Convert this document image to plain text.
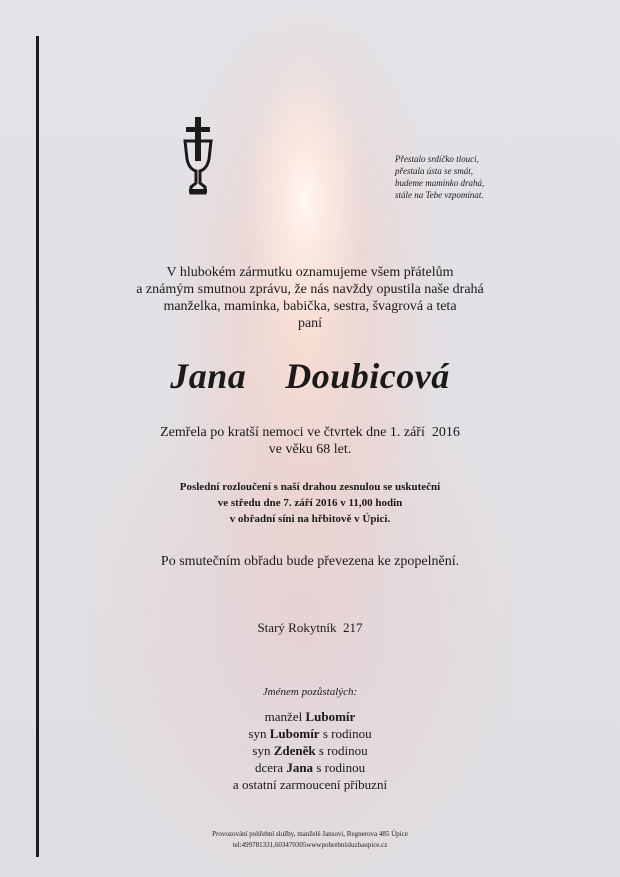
Přestalo srdíčko tlouci,
přestala ústa se smát,
budeme maminko drahá,
stále na Tebe vzpomínat.
V hlubokém zármutku oznamujeme všem přátelům
a známým smutnou zprávu, že nás navždy opustila naše drahá
manželka, maminka, babička, sestra, švagrová a teta
paní
Jana  Doubicová
Zemřela po kratší nemoci ve čtvrtek dne 1. září  2016
ve věku 68 let.
Poslední rozloučení s naší drahou zesnulou se uskuteční
ve středu dne 7. září 2016 v 11,00 hodin
v obřadní síni na hřbitově v Úpici.
Po smutečním obřadu bude převezena ke zpopelnění.
Starý Rokytník  217
Jménem pozůstalých:
manžel Lubomír
syn Lubomír s rodinou
syn Zdeněk s rodinou
dcera Jana s rodinou
a ostatní zarmoucení příbuzní
Provozování pohřební služby, manželé Jansovi, Regnerova 485 Úpice
tel:499781331,603470305wwwpohrebnisluzbaupice.cz
